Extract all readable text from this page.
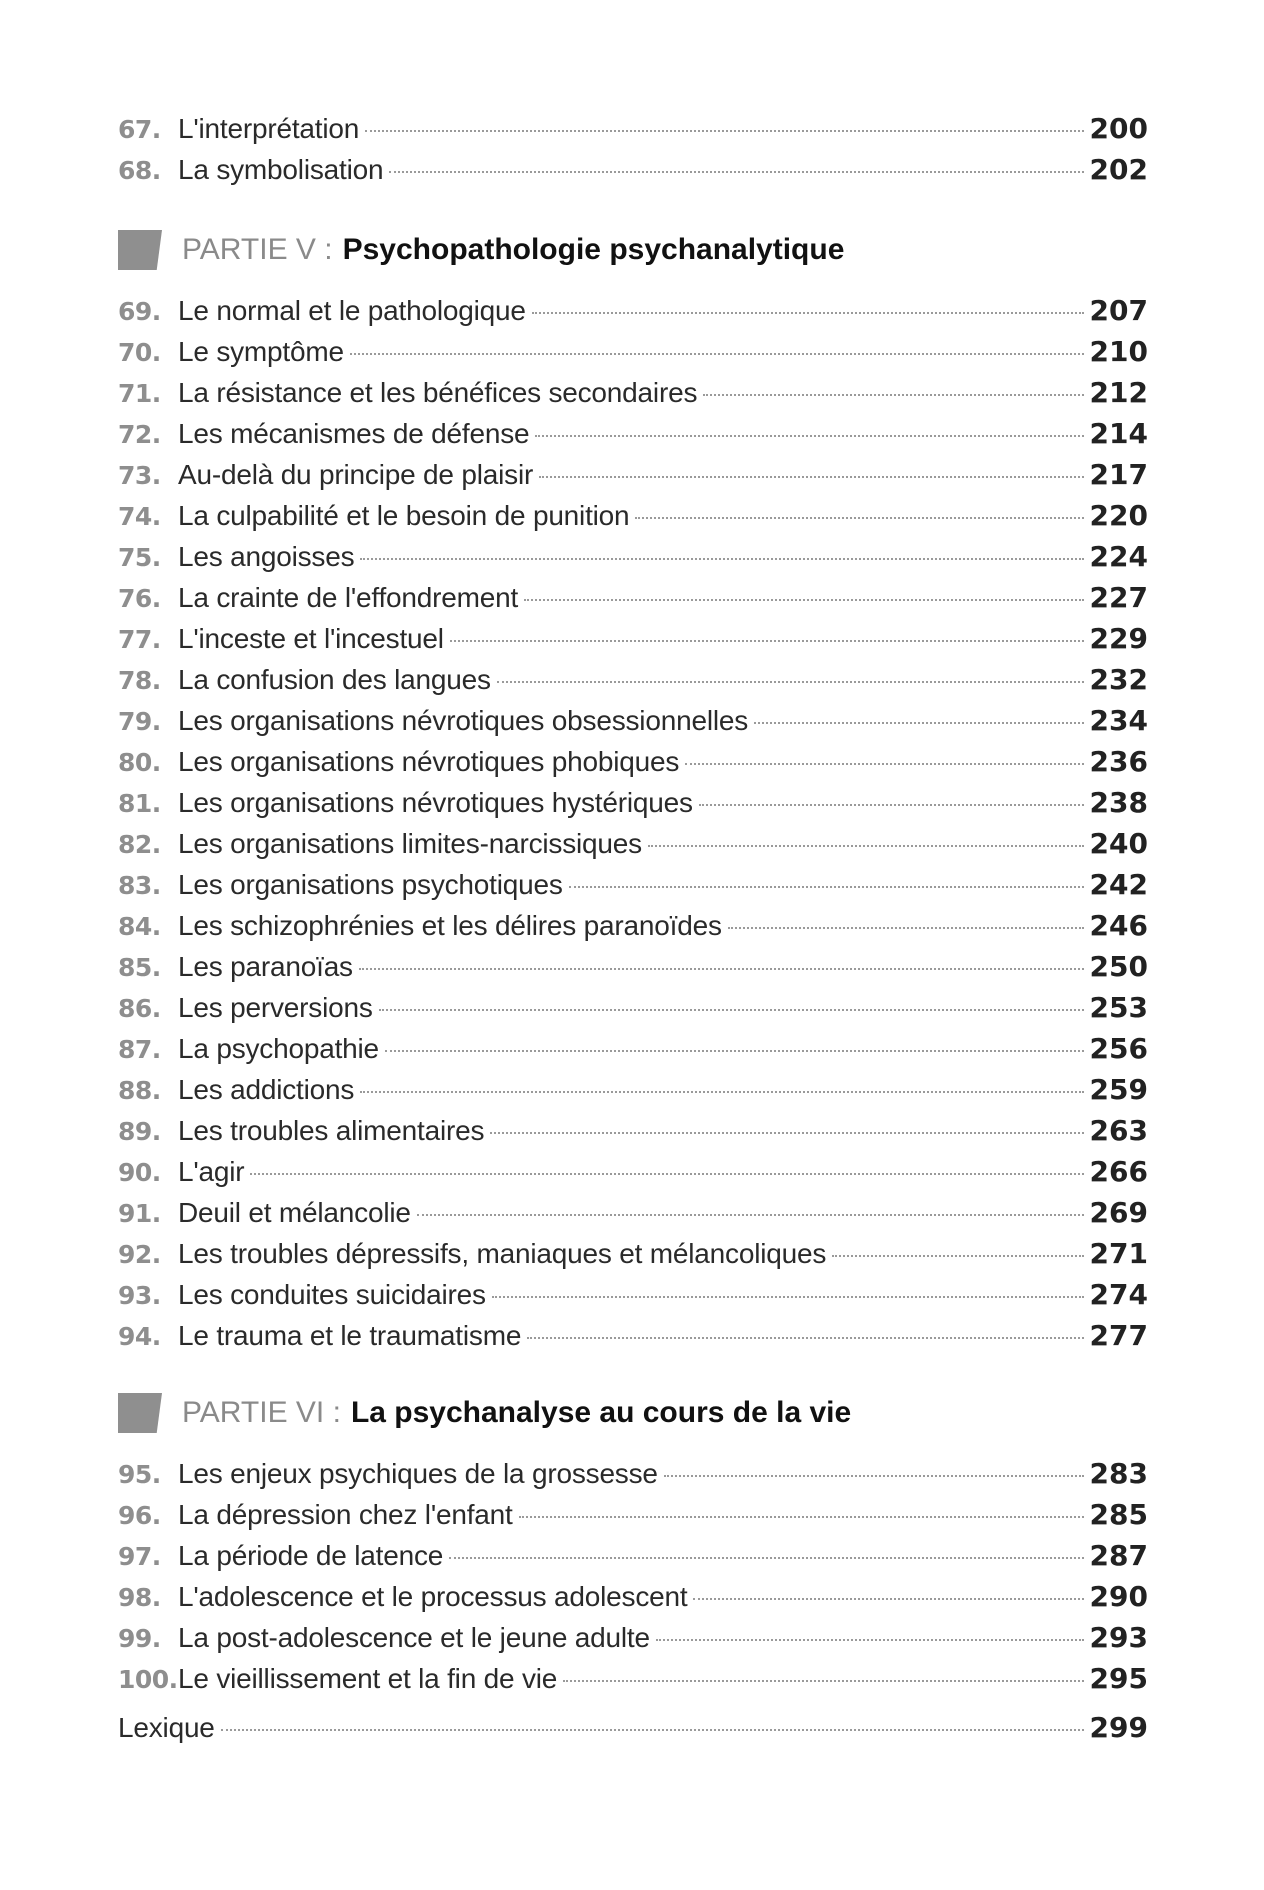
67. L'interprétation	200
68. La symbolisation	202
PARTIE V : Psychopathologie psychanalytique
69. Le normal et le pathologique	207
70. Le symptôme	210
71. La résistance et les bénéfices secondaires	212
72. Les mécanismes de défense	214
73. Au-delà du principe de plaisir	217
74. La culpabilité et le besoin de punition	220
75. Les angoisses	224
76. La crainte de l'effondrement	227
77. L'inceste et l'incestuel	229
78. La confusion des langues	232
79. Les organisations névrotiques obsessionnelles	234
80. Les organisations névrotiques phobiques	236
81. Les organisations névrotiques hystériques	238
82. Les organisations limites-narcissiques	240
83. Les organisations psychotiques	242
84. Les schizophrénies et les délires paranoïdes	246
85. Les paranoïas	250
86. Les perversions	253
87. La psychopathie	256
88. Les addictions	259
89. Les troubles alimentaires	263
90. L'agir	266
91. Deuil et mélancolie	269
92. Les troubles dépressifs, maniaques et mélancoliques	271
93. Les conduites suicidaires	274
94. Le trauma et le traumatisme	277
PARTIE VI : La psychanalyse au cours de la vie
95. Les enjeux psychiques de la grossesse	283
96. La dépression chez l'enfant	285
97. La période de latence	287
98. L'adolescence et le processus adolescent	290
99. La post-adolescence et le jeune adulte	293
100. Le vieillissement et la fin de vie	295
Lexique	299
